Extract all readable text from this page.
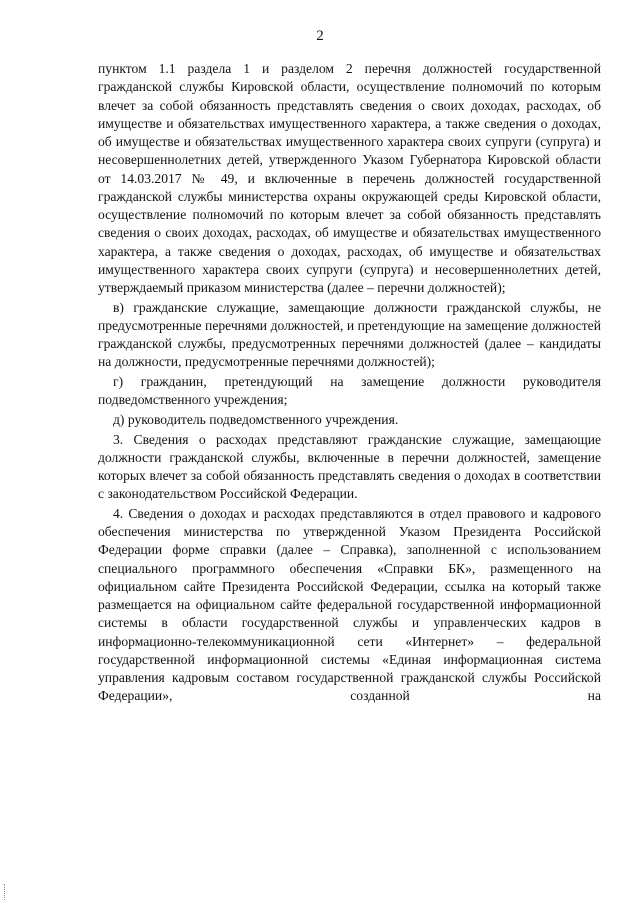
2

пунктом 1.1 раздела 1 и разделом 2 перечня должностей государственной гражданской службы Кировской области, осуществление полномочий по которым влечет за собой обязанность представлять сведения о своих доходах, расходах, об имуществе и обязательствах имущественного характера, а также сведения о доходах, об имуществе и обязательствах имущественного характера своих супруги (супруга) и несовершеннолетних детей, утвержденного Указом Губернатора Кировской области от 14.03.2017 № 49, и включенные в перечень должностей государственной гражданской службы министерства охраны окружающей среды Кировской области, осуществление полномочий по которым влечет за собой обязанность представлять сведения о своих доходах, расходах, об имуществе и обязательствах имущественного характера, а также сведения о доходах, расходах, об имуществе и обязательствах имущественного характера своих супруги (супруга) и несовершеннолетних детей, утверждаемый приказом министерства (далее – перечни должностей);

в) гражданские служащие, замещающие должности гражданской службы, не предусмотренные перечнями должностей, и претендующие на замещение должностей гражданской службы, предусмотренных перечнями должностей (далее – кандидаты на должности, предусмотренные перечнями должностей);

г) гражданин, претендующий на замещение должности руководителя подведомственного учреждения;

д) руководитель подведомственного учреждения.

3. Сведения о расходах представляют гражданские служащие, замещающие должности гражданской службы, включенные в перечни должностей, замещение которых влечет за собой обязанность представлять сведения о доходах в соответствии с законодательством Российской Федерации.

4. Сведения о доходах и расходах представляются в отдел правового и кадрового обеспечения министерства по утвержденной Указом Президента Российской Федерации форме справки (далее – Справка), заполненной с использованием специального программного обеспечения «Справки БК», размещенного на официальном сайте Президента Российской Федерации, ссылка на который также размещается на официальном сайте федеральной государственной информационной системы в области государственной службы и управленческих кадров в информационно-телекоммуникационной сети «Интернет» – федеральной государственной информационной системы «Единая информационная система управления кадровым составом государственной гражданской службы Российской Федерации», созданной на
